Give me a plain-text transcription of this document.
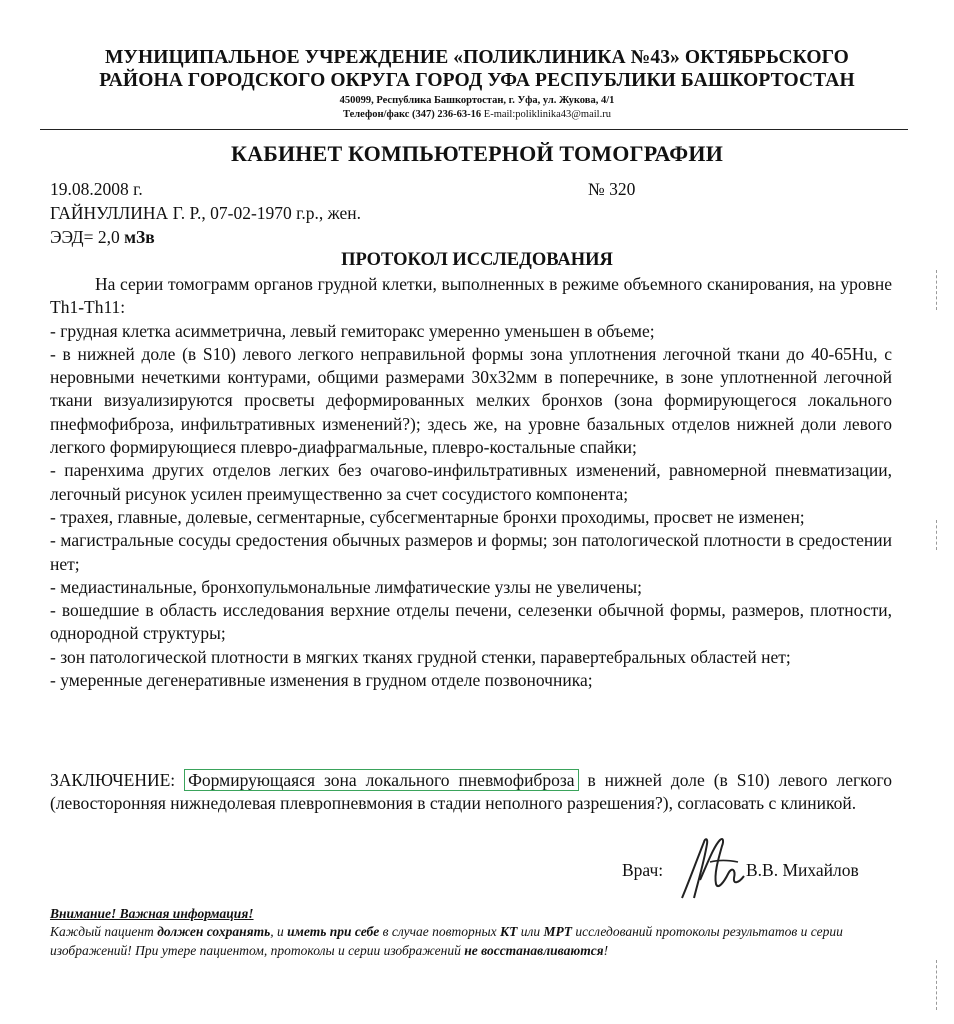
МУНИЦИПАЛЬНОЕ УЧРЕЖДЕНИЕ «ПОЛИКЛИНИКА №43» ОКТЯБРЬСКОГО
РАЙОНА ГОРОДСКОГО ОКРУГА ГОРОД УФА РЕСПУБЛИКИ БАШКОРТОСТАН
450099, Республика Башкортостан, г. Уфа, ул. Жукова, 4/1
Телефон/факс (347) 236-63-16 E-mail:poliklinika43@mail.ru
КАБИНЕТ КОМПЬЮТЕРНОЙ ТОМОГРАФИИ
19.08.2008 г.	№ 320
ГАЙНУЛЛИНА Г. Р., 07-02-1970 г.р., жен.
ЭЭД= 2,0 мЗв
ПРОТОКОЛ ИССЛЕДОВАНИЯ

На серии томограмм органов грудной клетки, выполненных в режиме объемного сканирования, на уровне Th1-Th11:

- грудная клетка асимметрична, левый гемиторакс умеренно уменьшен в объеме;

- в нижней доле (в S10) левого легкого неправильной формы зона уплотнения легочной ткани до 40-65Hu, с неровными нечеткими контурами, общими размерами 30х32мм в поперечнике, в зоне уплотненной легочной ткани визуализируются просветы деформированных мелких бронхов (зона формирующегося локального пнефмофиброза, инфильтративных изменений?); здесь же, на уровне базальных отделов нижней доли левого легкого формирующиеся плевро-диафрагмальные, плевро-костальные спайки;

- паренхима других отделов легких без очагово-инфильтративных изменений, равномерной пневматизации, легочный рисунок усилен преимущественно за счет сосудистого компонента;

- трахея, главные, долевые, сегментарные, субсегментарные бронхи проходимы, просвет не изменен;

- магистральные сосуды средостения обычных размеров и формы; зон патологической плотности в средостении нет;

- медиастинальные, бронхопульмональные лимфатические узлы не увеличены;

- вошедшие в область исследования верхние отделы печени, селезенки обычной формы, размеров, плотности, однородной структуры;

- зон патологической плотности в мягких тканях грудной стенки, паравертебральных областей нет;

- умеренные дегенеративные изменения в грудном отделе позвоночника;

ЗАКЛЮЧЕНИЕ: Формирующаяся зона локального пневмофиброза в нижней доле (в S10) левого легкого (левосторонняя нижнедолевая плевропневмония в стадии неполного разрешения?), согласовать с клиникой.
Врач:	В.В. Михайлов
Внимание! Важная информация!
Каждый пациент должен сохранять, и иметь при себе в случае повторных КТ или МРТ исследований протоколы результатов и серии изображений! При утере пациентом, протоколы и серии изображений не восстанавливаются!
